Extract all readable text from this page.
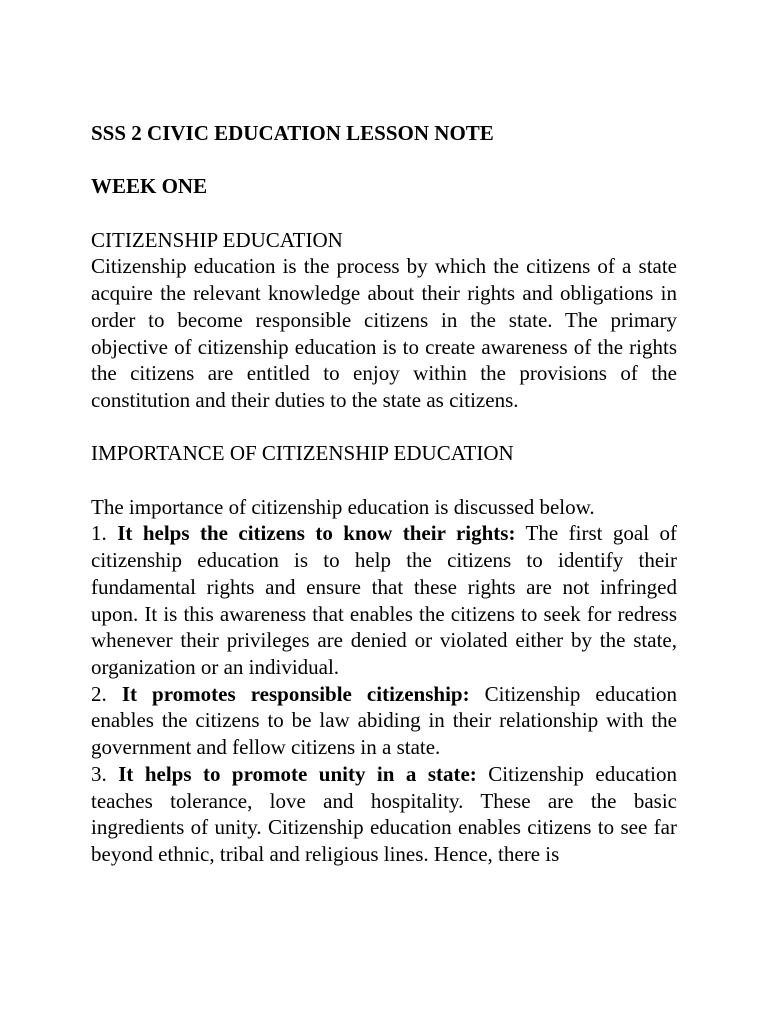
SSS 2 CIVIC EDUCATION LESSON NOTE

WEEK ONE

CITIZENSHIP EDUCATION

Citizenship education is the process by which the citizens of a state acquire the relevant knowledge about their rights and obligations in order to become responsible citizens in the state. The primary objective of citizenship education is to create awareness of the rights the citizens are entitled to enjoy within the provisions of the constitution and their duties to the state as citizens.

IMPORTANCE OF CITIZENSHIP EDUCATION

The importance of citizenship education is discussed below.

1. It helps the citizens to know their rights: The first goal of citizenship education is to help the citizens to identify their fundamental rights and ensure that these rights are not infringed upon. It is this awareness that enables the citizens to seek for redress whenever their privileges are denied or violated either by the state, organization or an individual.

2. It promotes responsible citizenship: Citizenship education enables the citizens to be law abiding in their relationship with the government and fellow citizens in a state.

3. It helps to promote unity in a state: Citizenship education teaches tolerance, love and hospitality. These are the basic ingredients of unity. Citizenship education enables citizens to see far beyond ethnic, tribal and religious lines. Hence, there is
